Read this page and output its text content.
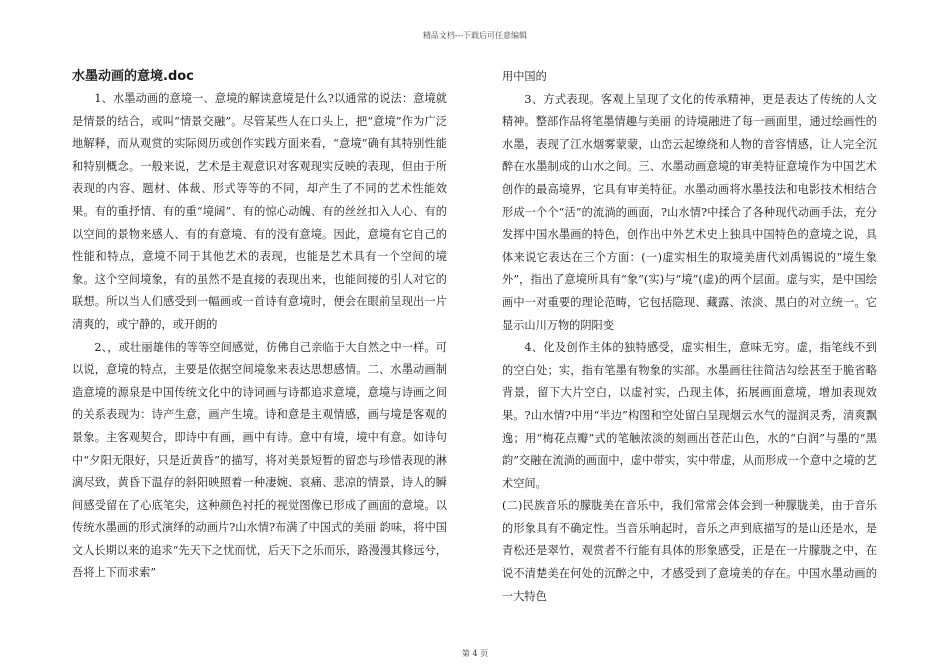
精品文档---下载后可任意编辑
水墨动画的意境.doc

1、水墨动画的意境一、意境的解读意境是什么?以通常的说法：意境就是情景的结合，或叫“情景交融”。尽管某些人在口头上，把“意境”作为广泛地解释，而从观赏的实际阅历或创作实践方面来看，“意境”确有其特别性能和特别概念。一般来说，艺术是主观意识对客观现实反映的表现，但由于所表现的内容、题材、体裁、形式等等的不同，却产生了不同的艺术性能效果。有的重抒情、有的重“境阔”、有的惊心动魄、有的丝丝扣入人心、有的以空间的景物来感人、有的有意境、有的没有意境。因此，意境有它自己的性能和特点，意境不同于其他艺术的表现，也能是艺术具有一个空间的境象。这个空间境象，有的虽然不是直接的表现出来，也能间接的引人对它的联想。所以当人们感受到一幅画或一首诗有意境时，便会在眼前呈现出一片清爽的，或宁静的，或开朗的

2、，或壮丽雄伟的等等空间感觉，仿佛自己亲临于大自然之中一样。可以说，意境的特点，主要是依据空间境象来表达思想感情。二、水墨动画制造意境的源泉是中国传统文化中的诗词画与诗都追求意境，意境与诗画之间的关系表现为：诗产生意，画产生境。诗和意是主观情感，画与境是客观的景象。主客观契合，即诗中有画，画中有诗。意中有境，境中有意。如诗句中“夕阳无限好，只是近黄昏”的描写，将对美景短暂的留恋与珍惜表现的淋漓尽致，黄昏下温存的斜阳映照着一种凄婉、哀痛、悲凉的情景，诗人的瞬间感受留在了心底笔尖，这种颜色衬托的视觉图像已形成了画面的意境。以传统水墨画的形式演绎的动画片?山水情?布满了中国式的美丽 韵味，将中国文人长期以来的追求“先天下之忧而忧，后天下之乐而乐，路漫漫其修远兮，吾将上下而求索”

用中国的

3、方式表现。客观上呈现了文化的传承精神，更是表达了传统的人文精神。整部作品将笔墨情趣与美丽 的诗境融进了每一画面里，通过绘画性的水墨，表现了江水烟雾蒙蒙，山峦云起缭绕和人物的音容情感，让人完全沉醉在水墨制成的山水之间。三、水墨动画意境的审美特征意境作为中国艺术创作的最高境界，它具有审美特征。水墨动画将水墨技法和电影技术相结合形成一个个“活”的流淌的画面，?山水情?中揉合了各种现代动画手法，充分发挥中国水墨画的特色，创作出中外艺术史上独具中国特色的意境之说，具体来说它表达在三个方面：(一)虚实相生的取境美唐代刘禹锡说的“境生象外”，指出了意境所具有“象”(实)与“境”(虚)的两个层面。虚与实，是中国绘画中一对重要的理论范畴，它包括隐现、藏露、浓淡、黑白的对立统一。它显示山川万物的阴阳变

4、化及创作主体的独特感受，虚实相生，意味无穷。虚，指笔线不到的空白处；实，指有笔墨有物象的实部。水墨画往往简洁勾绘甚至于脆省略背景，留下大片空白，以虚衬实，凸现主体，拓展画面意境，增加表现效果。?山水情?中用“半边”构图和空处留白呈现烟云水气的湿润灵秀，清爽飘逸；用“梅花点瓣”式的笔触浓淡的刻画出苍茫山色，水的“白润”与墨的“黑韵”交融在流淌的画面中，虚中带实，实中带虚，从而形成一个意中之境的艺术空间。

(二)民族音乐的朦胧美在音乐中，我们常常会体会到一种朦胧美，由于音乐的形象具有不确定性。当音乐响起时，音乐之声到底描写的是山还是水，是青松还是翠竹，观赏者不行能有具体的形象感受，正是在一片朦胧之中，在说不清楚美在何处的沉醉之中，才感受到了意境美的存在。中国水墨动画的一大特色

第 4 页
